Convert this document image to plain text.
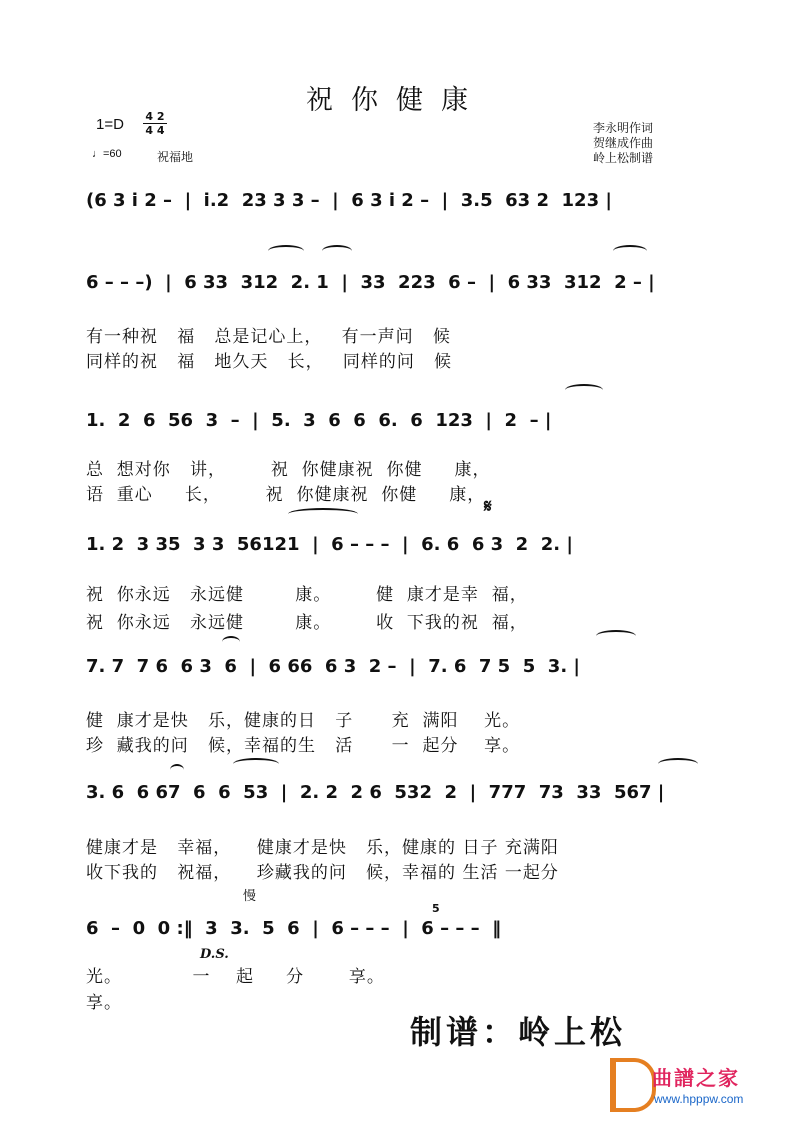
祝你健康
1=D	4 2
4 4
♩=60	祝福地
李永明作词
贺继成作曲
岭上松制谱
(6 3 i 2 –  |  i.2  23 3 3 –  |  6 3 i 2 –  |  3.5  63 2  123 |
6 – – –)  |  6 33  312  2. 1  |  33  223  6 –  |  6 33  312  2 – |
有一种祝   福   总是记心上，   有一声问   候
同样的祝   福   地久天   长，   同样的问   候
1.  2  6  56  3  –  |  5.  3  6  6  6.  6  123  |  2  – |
总  想对你   讲，       祝  你健康祝  你健     康，
语  重心     长，       祝  你健康祝  你健     康，
𝄋
1. 2  3 35  3 3  56121  |  6 – – –  |  6. 6  6 3  2  2. |
祝  你永远   永远健        康。       健  康才是幸  福，
祝  你永远   永远健        康。       收  下我的祝  福，
7. 7  7 6  6 3  6  |  6 66  6 3  2 –  |  7. 6  7 5  5  3. |
健  康才是快   乐，健康的日   子      充  满阳    光。
珍  藏我的问   候，幸福的生   活      一  起分    享。
3. 6  6 67  6  6  53  |  2. 2  2 6  532  2  |  777  73  33  567 |
健康才是   幸福，    健康才是快   乐，健康的 日子 充满阳
收下我的   祝福，    珍藏我的问   候，幸福的 生活 一起分
慢
6  –  0  0 :‖  3  3.  5  6  |  6 – – –  |  6 – – –  ‖
5
D.S.
光。           一    起     分       享。
享。
制谱：岭上松
曲譜之家
www.hpppw.com
